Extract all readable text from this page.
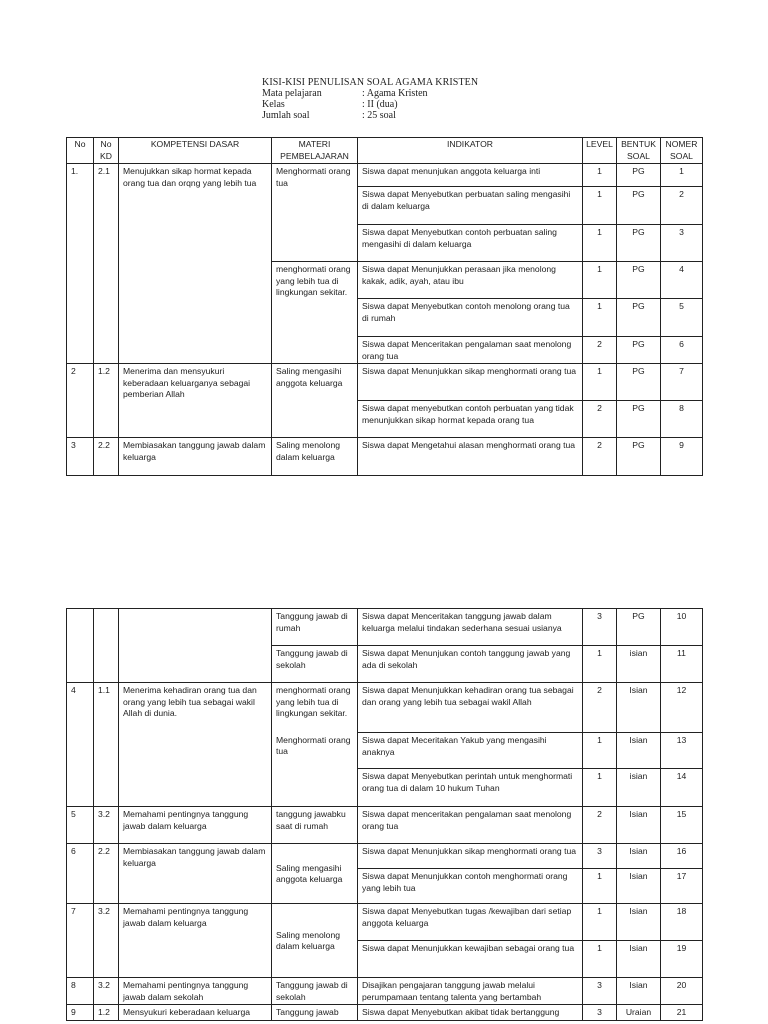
KISI-KISI PENULISAN SOAL AGAMA KRISTEN
Mata pelajaran	: Agama Kristen
Kelas	: II (dua)
Jumlah soal	: 25 soal
No	No KD	KOMPETENSI DASAR	MATERI PEMBELAJARAN	INDIKATOR	LEVEL	BENTUK SOAL	NOMER SOAL
1.	2.1	Menujukkan sikap hormat kepada orang tua dan orqng yang lebih tua	Menghormati orang tua	Siswa dapat menunjukan anggota keluarga inti	1	PG	1
				Siswa dapat Menyebutkan perbuatan saling mengasihi di dalam keluarga	1	PG	2
				Siswa dapat Menyebutkan contoh perbuatan saling mengasihi di dalam keluarga	1	PG	3
			menghormati orang yang lebih tua di lingkungan sekitar.	Siswa dapat Menunjukkan perasaan jika menolong kakak, adik, ayah, atau ibu	1	PG	4
				Siswa dapat Menyebutkan contoh menolong orang tua di rumah	1	PG	5
				Siswa dapat Menceritakan pengalaman saat menolong orang tua	2	PG	6
2	1.2	Menerima dan mensyukuri keberadaan keluarganya sebagai pemberian Allah	Saling mengasihi anggota keluarga	Siswa dapat Menunjukkan sikap menghormati orang tua	1	PG	7
				Siswa dapat menyebutkan contoh perbuatan yang tidak menunjukkan sikap hormat kepada orang tua	2	PG	8
3	2.2	Membiasakan tanggung jawab dalam keluarga	Saling menolong dalam keluarga	Siswa dapat Mengetahui alasan menghormati orang tua	2	PG	9
			Tanggung jawab di rumah	Siswa dapat Menceritakan tanggung jawab dalam keluarga melalui tindakan sederhana sesuai usianya	3	PG	10
			Tanggung jawab di sekolah	Siswa dapat Menunjukan contoh tanggung jawab yang ada di sekolah	1	isian	11
4	1.1	Menerima kehadiran orang tua dan orang yang lebih tua sebagai wakil Allah di dunia.	menghormati orang yang lebih tua di lingkungan sekitar.	Siswa dapat Menunjukkan kehadiran orang tua sebagai dan orang yang lebih tua sebagai wakil Allah	2	Isian	12
			Menghormati orang tua	Siswa dapat Meceritakan Yakub yang mengasihi anaknya	1	Isian	13
				Siswa dapat Menyebutkan perintah untuk menghormati orang tua di dalam 10 hukum Tuhan	1	isian	14
5	3.2	Memahami pentingnya tanggung jawab dalam keluarga	tanggung jawabku saat di rumah	Siswa dapat menceritakan pengalaman saat menolong orang tua	2	Isian	15
6	2.2	Membiasakan tanggung jawab dalam keluarga	Saling mengasihi anggota keluarga	Siswa dapat Menunjukkan sikap menghormati orang tua	3	Isian	16
				Siswa dapat Menunjukkan contoh menghormati orang yang lebih tua	1	Isian	17
7	3.2	Memahami pentingnya tanggung jawab dalam keluarga	Saling menolong dalam keluarga	Siswa dapat Menyebutkan tugas /kewajiban dari setiap anggota keluarga	1	Isian	18
				Siswa dapat Menunjukkan kewajiban sebagai orang tua	1	Isian	19
8	3.2	Memahami pentingnya tanggung jawab dalam sekolah	Tanggung jawab di sekolah	Disajikan pengajaran tanggung jawab melalui perumpamaan tentang talenta yang bertambah	3	Isian	20
9	1.2	Mensyukuri keberadaan keluarga	Tanggung jawab	Siswa dapat Menyebutkan akibat tidak bertanggung	3	Uraian	21
